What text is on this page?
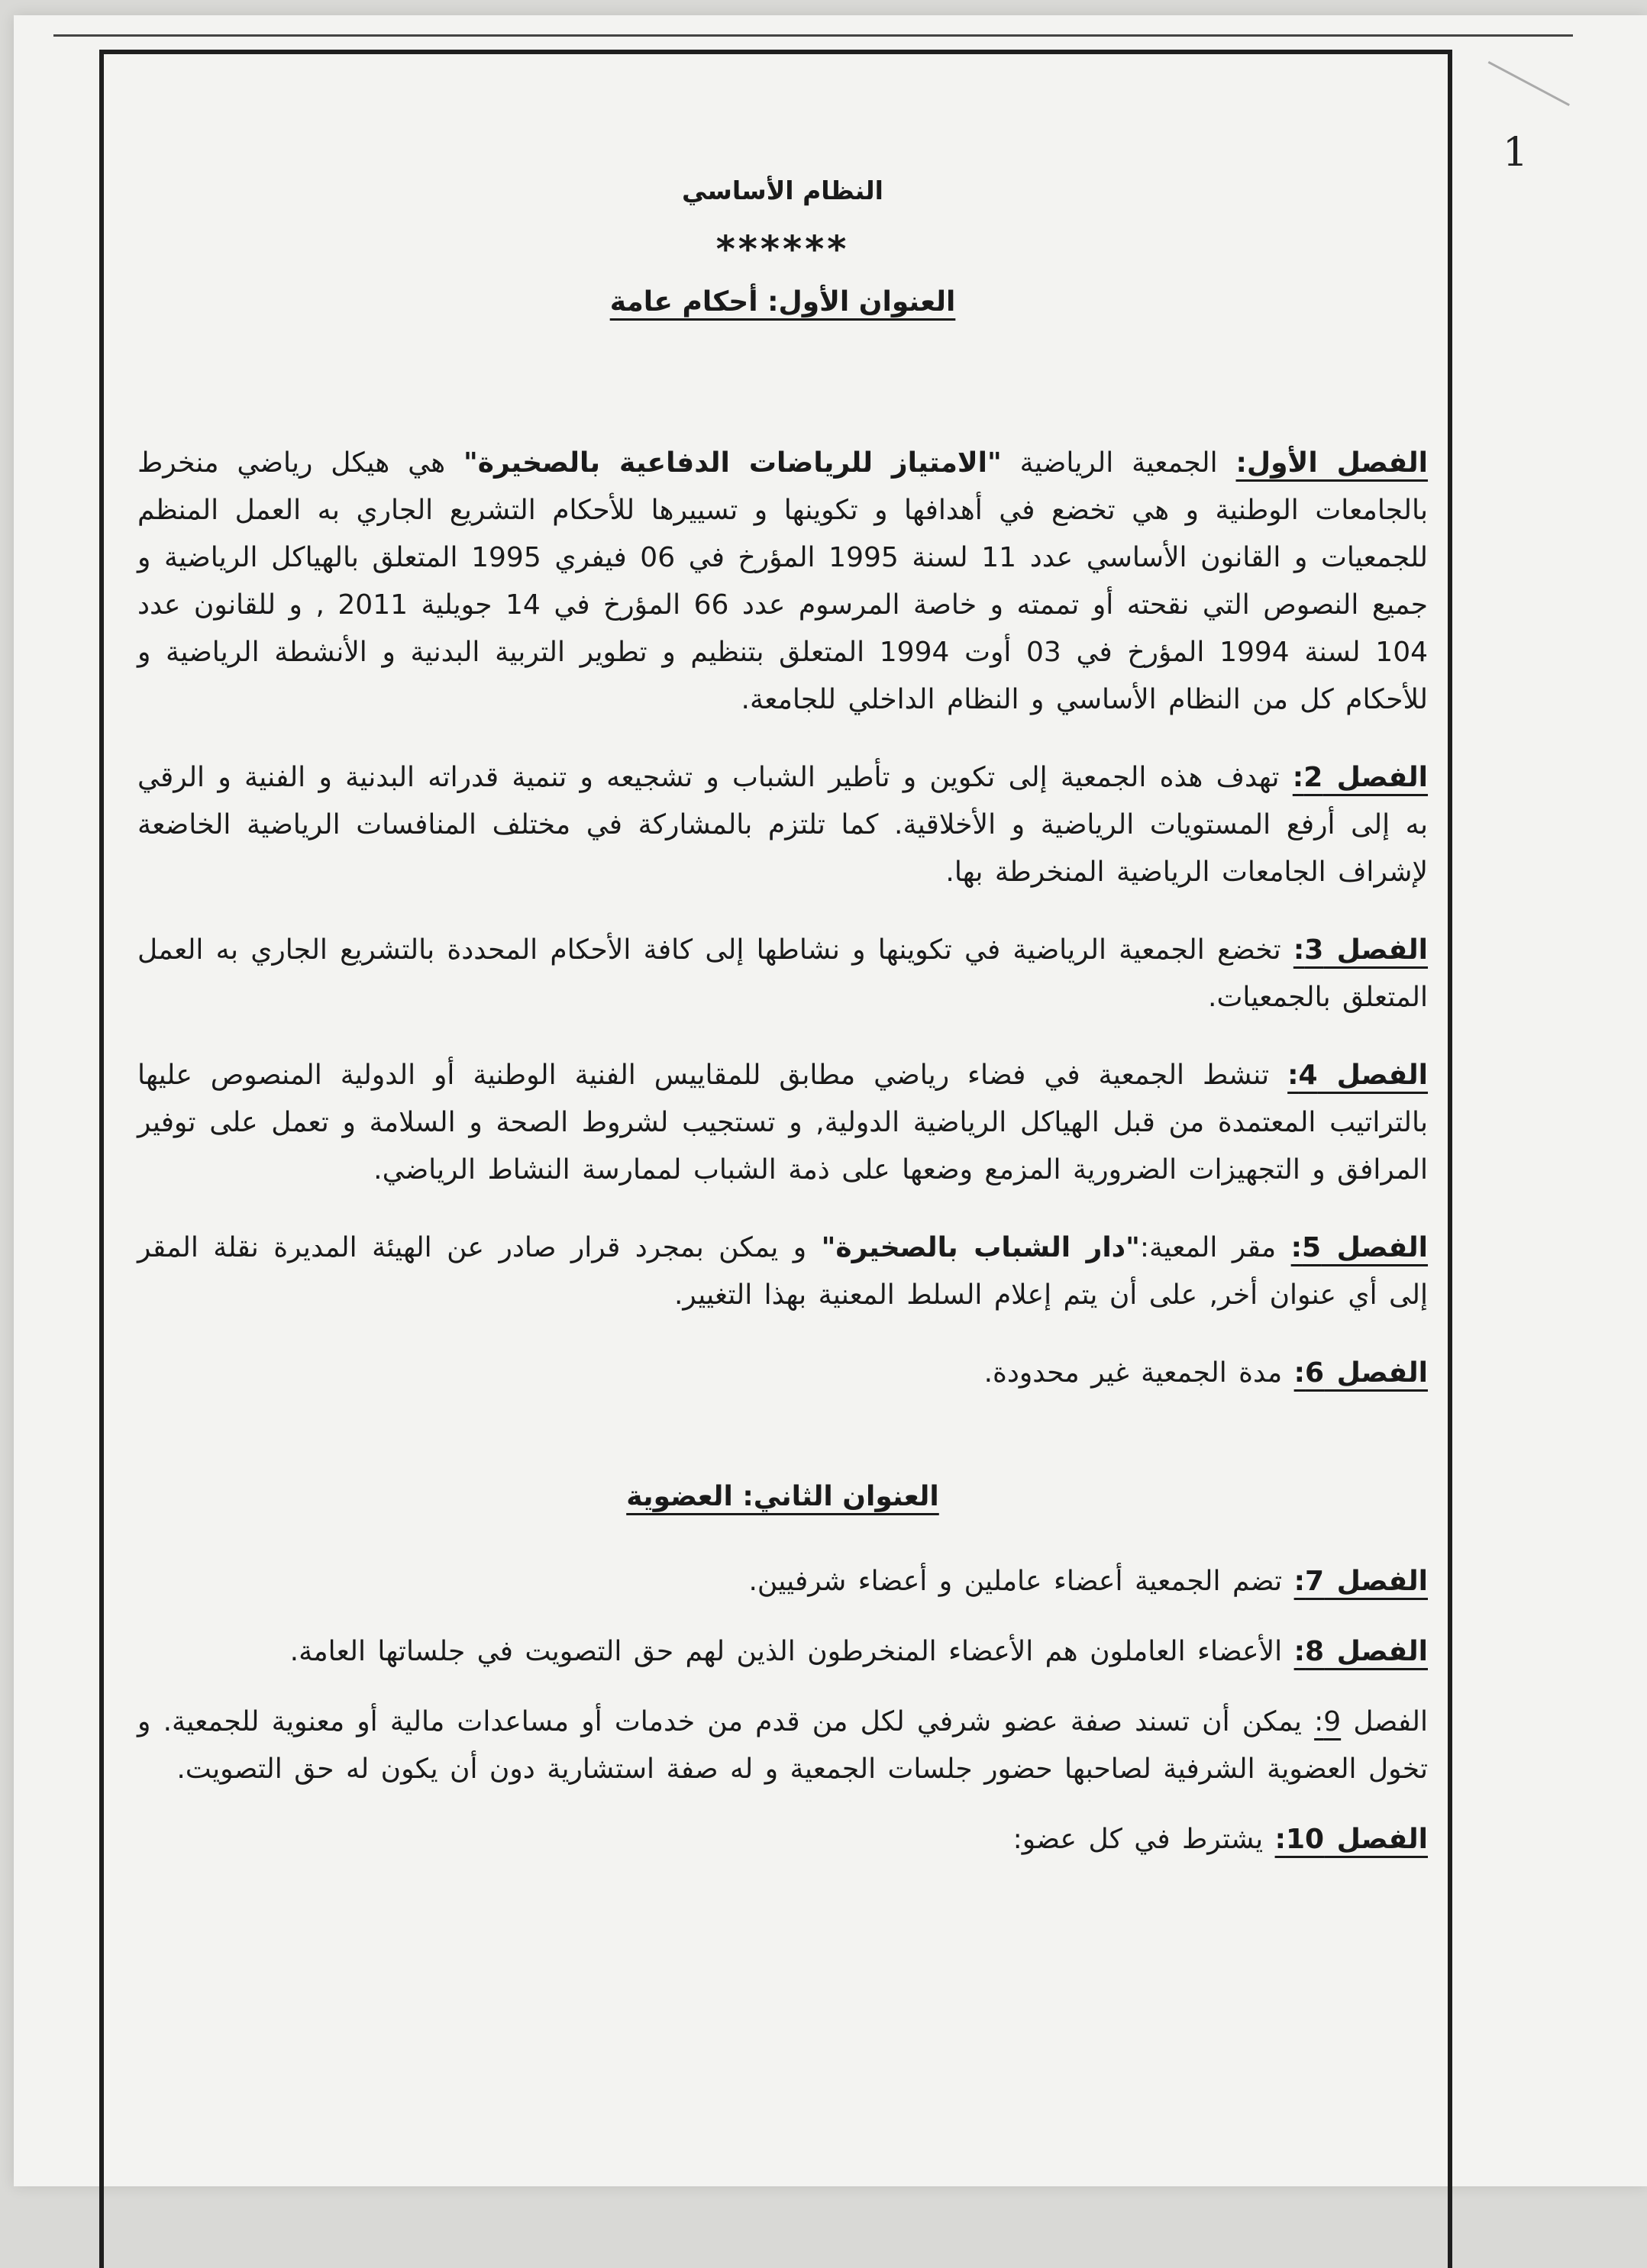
1
النظام الأساسي
******
العنوان الأول: أحكام عامة

الفصل الأول: الجمعية الرياضية "الامتياز للرياضات الدفاعية بالصخيرة" هي هيكل رياضي منخرط بالجامعات الوطنية و هي تخضع في أهدافها و تكوينها و تسييرها للأحكام التشريع الجاري به العمل المنظم للجمعيات و القانون الأساسي عدد 11 لسنة 1995 المؤرخ في 06 فيفري 1995 المتعلق بالهياكل الرياضية و جميع النصوص التي نقحته أو تممته و خاصة المرسوم عدد 66 المؤرخ في 14 جويلية 2011 , و للقانون عدد 104 لسنة 1994 المؤرخ في 03 أوت 1994 المتعلق بتنظيم و تطوير التربية البدنية و الأنشطة الرياضية و للأحكام كل من النظام الأساسي و النظام الداخلي للجامعة.

الفصل 2: تهدف هذه الجمعية إلى تكوين و تأطير الشباب و تشجيعه و تنمية قدراته البدنية و الفنية و الرقي به إلى أرفع المستويات الرياضية و الأخلاقية. كما تلتزم بالمشاركة في مختلف المنافسات الرياضية الخاضعة لإشراف الجامعات الرياضية المنخرطة بها.

الفصل 3: تخضع الجمعية الرياضية في تكوينها و نشاطها إلى كافة الأحكام المحددة بالتشريع الجاري به العمل المتعلق بالجمعيات.

الفصل 4: تنشط الجمعية في فضاء رياضي مطابق للمقاييس الفنية الوطنية أو الدولية المنصوص عليها بالتراتيب المعتمدة من قبل الهياكل الرياضية الدولية, و تستجيب لشروط الصحة و السلامة و تعمل على توفير المرافق و التجهيزات الضرورية المزمع وضعها على ذمة الشباب لممارسة النشاط الرياضي.

الفصل 5: مقر المعية:"دار الشباب بالصخيرة" و يمكن بمجرد قرار صادر عن الهيئة المديرة نقلة المقر إلى أي عنوان أخر, على أن يتم إعلام السلط المعنية بهذا التغيير.

الفصل 6: مدة الجمعية غير محدودة.

العنوان الثاني: العضوية

الفصل 7: تضم الجمعية أعضاء عاملين و أعضاء شرفيين.

الفصل 8: الأعضاء العاملون هم الأعضاء المنخرطون الذين لهم حق التصويت في جلساتها العامة.

الفصل 9: يمكن أن تسند صفة عضو شرفي لكل من قدم من خدمات أو مساعدات مالية أو معنوية للجمعية. و تخول العضوية الشرفية لصاحبها حضور جلسات الجمعية و له صفة استشارية دون أن يكون له حق التصويت.

الفصل 10: يشترط في كل عضو:
